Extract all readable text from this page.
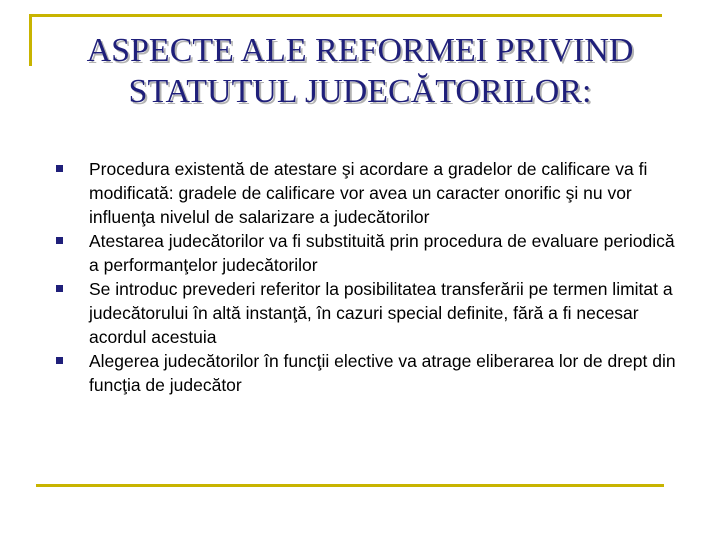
ASPECTE ALE REFORMEI PRIVIND
STATUTUL JUDECĂTORILOR:
Procedura existentă de atestare şi acordare a gradelor de calificare va fi modificată: gradele de calificare vor avea un caracter onorific şi nu vor influenţa nivelul de salarizare a judecătorilor
Atestarea judecătorilor va fi substituită prin procedura de evaluare periodică a performanţelor judecătorilor
Se introduc prevederi referitor la posibilitatea transferării pe termen limitat a judecătorului în altă instanţă, în cazuri special definite, fără a fi necesar acordul acestuia
Alegerea judecătorilor în funcţii elective va atrage eliberarea lor de drept din funcţia de judecător
